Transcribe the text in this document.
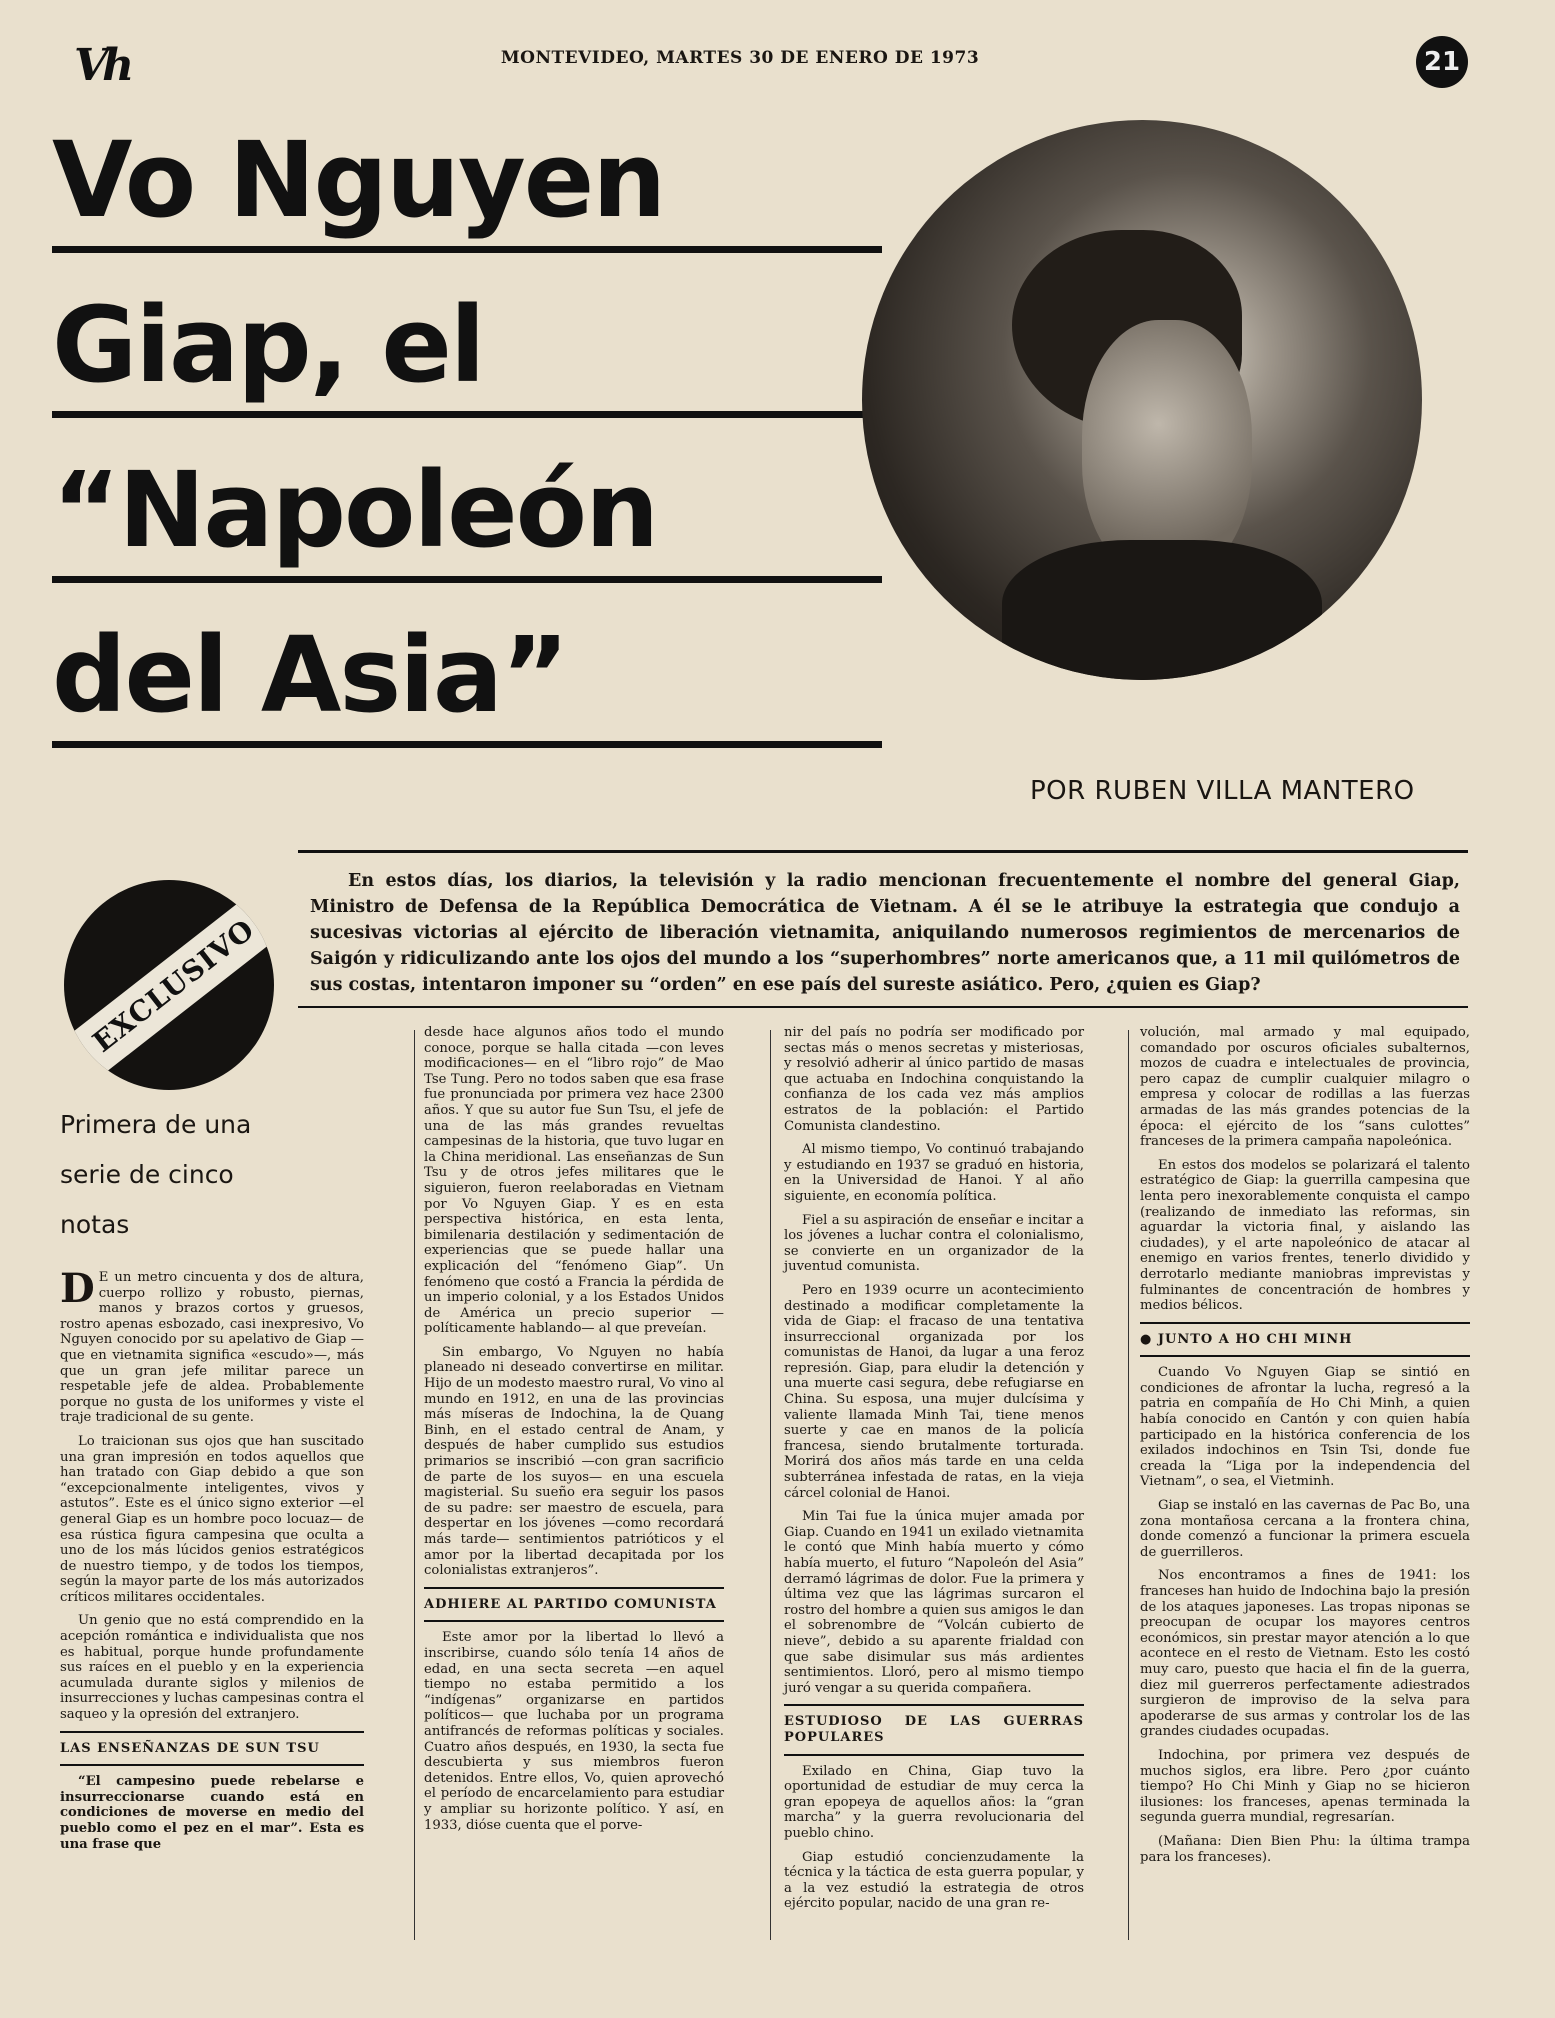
Vh	MONTEVIDEO, MARTES 30 DE ENERO DE 1973	21
Vo Nguyen
Giap, el
“Napoleón
del Asia”
POR RUBEN VILLA MANTERO
En estos días, los diarios, la televisión y la radio mencionan frecuentemente el nombre del general Giap, Ministro de Defensa de la República Democrática de Vietnam. A él se le atribuye la estrategia que condujo a sucesivas victorias al ejército de liberación vietnamita, aniquilando numerosos regimientos de mercenarios de Saigón y ridiculizando ante los ojos del mundo a los “superhombres” norte americanos que, a 11 mil quilómetros de sus costas, intentaron imponer su “orden” en ese país del sureste asiático. Pero, ¿quien es Giap?
EXCLUSIVO
Primera de una
serie de cinco
notas

D E un metro cincuenta y dos de altura, cuerpo rollizo y robusto, piernas, manos y brazos cortos y gruesos, rostro apenas esbozado, casi inexpresivo, Vo Nguyen conocido por su apelativo de Giap —que en vietnamita significa «escudo»—, más que un gran jefe militar parece un respetable jefe de aldea. Probablemente porque no gusta de los uniformes y viste el traje tradicional de su gente.

Lo traicionan sus ojos que han suscitado una gran impresión en todos aquellos que han tratado con Giap debido a que son “excepcionalmente inteligentes, vivos y astutos”. Este es el único signo exterior —el general Giap es un hombre poco locuaz— de esa rústica figura campesina que oculta a uno de los más lúcidos genios estratégicos de nuestro tiempo, y de todos los tiempos, según la mayor parte de los más autorizados críticos militares occidentales.

Un genio que no está comprendido en la acepción romántica e individualista que nos es habitual, porque hunde profundamente sus raíces en el pueblo y en la experiencia acumulada durante siglos y milenios de insurrecciones y luchas campesinas contra el saqueo y la opresión del extranjero.

LAS ENSEÑANZAS DE SUN TSU

“El campesino puede rebelarse e insurreccionarse cuando está en condiciones de moverse en medio del pueblo como el pez en el mar”. Esta es una frase que

desde hace algunos años todo el mundo conoce, porque se halla citada —con leves modificaciones— en el “libro rojo” de Mao Tse Tung. Pero no todos saben que esa frase fue pronunciada por primera vez hace 2300 años. Y que su autor fue Sun Tsu, el jefe de una de las más grandes revueltas campesinas de la historia, que tuvo lugar en la China meridional. Las enseñanzas de Sun Tsu y de otros jefes militares que le siguieron, fueron reelaboradas en Vietnam por Vo Nguyen Giap. Y es en esta perspectiva histórica, en esta lenta, bimilenaria destilación y sedimentación de experiencias que se puede hallar una explicación del “fenómeno Giap”. Un fenómeno que costó a Francia la pérdida de un imperio colonial, y a los Estados Unidos de América un precio superior —políticamente hablando— al que preveían.

Sin embargo, Vo Nguyen no había planeado ni deseado convertirse en militar. Hijo de un modesto maestro rural, Vo vino al mundo en 1912, en una de las provincias más míseras de Indochina, la de Quang Binh, en el estado central de Anam, y después de haber cumplido sus estudios primarios se inscribió —con gran sacrificio de parte de los suyos— en una escuela magisterial. Su sueño era seguir los pasos de su padre: ser maestro de escuela, para despertar en los jóvenes —como recordará más tarde— sentimientos patrióticos y el amor por la libertad decapitada por los colonialistas extranjeros”.

ADHIERE AL PARTIDO COMUNISTA

Este amor por la libertad lo llevó a inscribirse, cuando sólo tenía 14 años de edad, en una secta secreta —en aquel tiempo no estaba permitido a los “indígenas” organizarse en partidos políticos— que luchaba por un programa antifrancés de reformas políticas y sociales. Cuatro años después, en 1930, la secta fue descubierta y sus miembros fueron detenidos. Entre ellos, Vo, quien aprovechó el período de encarcelamiento para estudiar y ampliar su horizonte político. Y así, en 1933, dióse cuenta que el porve-

nir del país no podría ser modificado por sectas más o menos secretas y misteriosas, y resolvió adherir al único partido de masas que actuaba en Indochina conquistando la confianza de los cada vez más amplios estratos de la población: el Partido Comunista clandestino.

Al mismo tiempo, Vo continuó trabajando y estudiando en 1937 se graduó en historia, en la Universidad de Hanoi. Y al año siguiente, en economía política.

Fiel a su aspiración de enseñar e incitar a los jóvenes a luchar contra el colonialismo, se convierte en un organizador de la juventud comunista.

Pero en 1939 ocurre un acontecimiento destinado a modificar completamente la vida de Giap: el fracaso de una tentativa insurreccional organizada por los comunistas de Hanoi, da lugar a una feroz represión. Giap, para eludir la detención y una muerte casi segura, debe refugiarse en China. Su esposa, una mujer dulcísima y valiente llamada Minh Tai, tiene menos suerte y cae en manos de la policía francesa, siendo brutalmente torturada. Morirá dos años más tarde en una celda subterránea infestada de ratas, en la vieja cárcel colonial de Hanoi.

Min Tai fue la única mujer amada por Giap. Cuando en 1941 un exilado vietnamita le contó que Minh había muerto y cómo había muerto, el futuro “Napoleón del Asia” derramó lágrimas de dolor. Fue la primera y última vez que las lágrimas surcaron el rostro del hombre a quien sus amigos le dan el sobrenombre de “Volcán cubierto de nieve”, debido a su aparente frialdad con que sabe disimular sus más ardientes sentimientos. Lloró, pero al mismo tiempo juró vengar a su querida compañera.

ESTUDIOSO DE LAS GUERRAS POPULARES

Exilado en China, Giap tuvo la oportunidad de estudiar de muy cerca la gran epopeya de aquellos años: la “gran marcha” y la guerra revolucionaria del pueblo chino.

Giap estudió concienzudamente la técnica y la táctica de esta guerra popular, y a la vez estudió la estrategia de otros ejército popular, nacido de una gran re-

volución, mal armado y mal equipado, comandado por oscuros oficiales subalternos, mozos de cuadra e intelectuales de provincia, pero capaz de cumplir cualquier milagro o empresa y colocar de rodillas a las fuerzas armadas de las más grandes potencias de la época: el ejército de los “sans culottes” franceses de la primera campaña napoleónica.

En estos dos modelos se polarizará el talento estratégico de Giap: la guerrilla campesina que lenta pero inexorablemente conquista el campo (realizando de inmediato las reformas, sin aguardar la victoria final, y aislando las ciudades), y el arte napoleónico de atacar al enemigo en varios frentes, tenerlo dividido y derrotarlo mediante maniobras imprevistas y fulminantes de concentración de hombres y medios bélicos.

● JUNTO A HO CHI MINH

Cuando Vo Nguyen Giap se sintió en condiciones de afrontar la lucha, regresó a la patria en compañía de Ho Chi Minh, a quien había conocido en Cantón y con quien había participado en la histórica conferencia de los exilados indochinos en Tsin Tsi, donde fue creada la “Liga por la independencia del Vietnam”, o sea, el Vietminh.

Giap se instaló en las cavernas de Pac Bo, una zona montañosa cercana a la frontera china, donde comenzó a funcionar la primera escuela de guerrilleros.

Nos encontramos a fines de 1941: los franceses han huido de Indochina bajo la presión de los ataques japoneses. Las tropas niponas se preocupan de ocupar los mayores centros económicos, sin prestar mayor atención a lo que acontece en el resto de Vietnam. Esto les costó muy caro, puesto que hacia el fin de la guerra, diez mil guerreros perfectamente adiestrados surgieron de improviso de la selva para apoderarse de sus armas y controlar los de las grandes ciudades ocupadas.

Indochina, por primera vez después de muchos siglos, era libre. Pero ¿por cuánto tiempo? Ho Chi Minh y Giap no se hicieron ilusiones: los franceses, apenas terminada la segunda guerra mundial, regresarían.

(Mañana: Dien Bien Phu: la última trampa para los franceses).
